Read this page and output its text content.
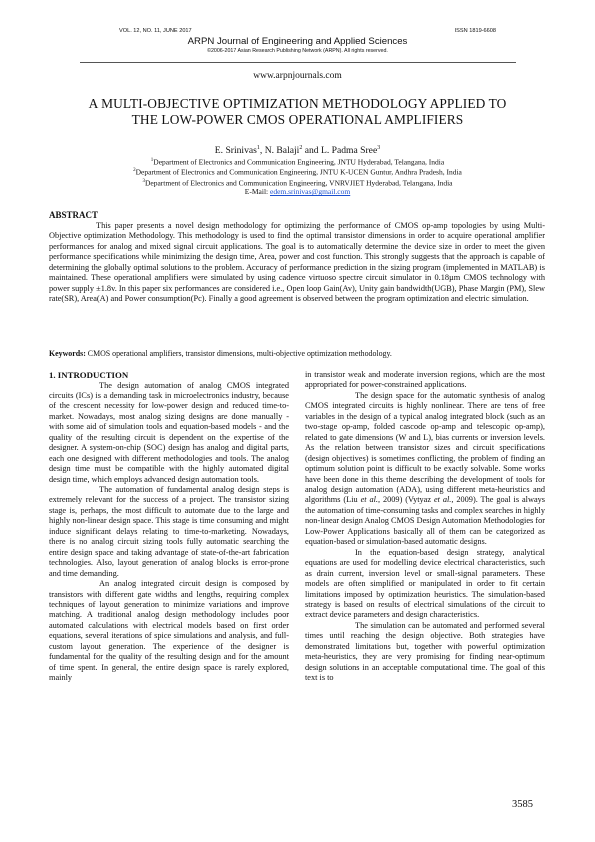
VOL. 12, NO. 11, JUNE 2017	ISSN 1819-6608
ARPN Journal of Engineering and Applied Sciences
©2006-2017 Asian Research Publishing Network (ARPN). All rights reserved.
www.arpnjournals.com
A MULTI-OBJECTIVE OPTIMIZATION METHODOLOGY APPLIED TO
THE LOW-POWER CMOS OPERATIONAL AMPLIFIERS
E. Srinivas$^1$, N. Balaji$^2$ and L. Padma Sree$^3$
$^1$Department of Electronics and Communication Engineering, JNTU Hyderabad, Telangana, India
$^2$Department of Electronics and Communication Engineering, JNTU K-UCEN Guntur, Andhra Pradesh, India
$^3$Department of Electronics and Communication Engineering, VNRVJIET Hyderabad, Telangana, India
E-Mail: edem.srinivas@gmail.com
ABSTRACT

This paper presents a novel design methodology for optimizing the performance of CMOS op-amp topologies by using Multi-Objective optimization Methodology. This methodology is used to find the optimal transistor dimensions in order to acquire operational amplifier performances for analog and mixed signal circuit applications. The goal is to automatically determine the device size in order to meet the given performance specifications while minimizing the design time, Area, power and cost function. This strongly suggests that the approach is capable of determining the globally optimal solutions to the problem. Accuracy of performance prediction in the sizing program (implemented in MATLAB) is maintained. These operational amplifiers were simulated by using cadence virtuoso spectre circuit simulator in 0.18µm CMOS technology with power supply ±1.8v. In this paper six performances are considered i.e., Open loop Gain(Av), Unity gain bandwidth(UGB), Phase Margin (PM), Slew rate(SR), Area(A) and Power consumption(Pc). Finally a good agreement is observed between the program optimization and electric simulation.

Keywords: CMOS operational amplifiers, transistor dimensions, multi-objective optimization methodology.

1. INTRODUCTION

The design automation of analog CMOS integrated circuits (ICs) is a demanding task in microelectronics industry, because of the crescent necessity for low-power design and reduced time-to-market. Nowadays, most analog sizing designs are done manually - with some aid of simulation tools and equation-based models - and the quality of the resulting circuit is dependent on the expertise of the designer. A system-on-chip (SOC) design has analog and digital parts, each one designed with different methodologies and tools. The analog design time must be compatible with the highly automated digital design time, which employs advanced design automation tools.

The automation of fundamental analog design steps is extremely relevant for the success of a project. The transistor sizing stage is, perhaps, the most difficult to automate due to the large and highly non-linear design space. This stage is time consuming and might induce significant delays relating to time-to-marketing. Nowadays, there is no analog circuit sizing tools fully automatic searching the entire design space and taking advantage of state-of-the-art fabrication technologies. Also, layout generation of analog blocks is error-prone and time demanding.

An analog integrated circuit design is composed by transistors with different gate widths and lengths, requiring complex techniques of layout generation to minimize variations and improve matching. A traditional analog design methodology includes poor automated calculations with electrical models based on first order equations, several iterations of spice simulations and analysis, and full-custom layout generation. The experience of the designer is fundamental for the quality of the resulting design and for the amount of time spent. In general, the entire design space is rarely explored, mainly

in transistor weak and moderate inversion regions, which are the most appropriated for power-constrained applications.

The design space for the automatic synthesis of analog CMOS integrated circuits is highly nonlinear. There are tens of free variables in the design of a typical analog integrated block (such as an two-stage op-amp, folded cascode op-amp and telescopic op-amp), related to gate dimensions (W and L), bias currents or inversion levels. As the relation between transistor sizes and circuit specifications (design objectives) is sometimes conflicting, the problem of finding an optimum solution point is difficult to be exactly solvable. Some works have been done in this theme describing the development of tools for analog design automation (ADA), using different meta-heuristics and algorithms (Liu et al., 2009) (Vytyaz et al., 2009). The goal is always the automation of time-consuming tasks and complex searches in highly non-linear design Analog CMOS Design Automation Methodologies for Low-Power Applications basically all of them can be categorized as equation-based or simulation-based automatic designs.

In the equation-based design strategy, analytical equations are used for modelling device electrical characteristics, such as drain current, inversion level or small-signal parameters. These models are often simplified or manipulated in order to fit certain limitations imposed by optimization heuristics. The simulation-based strategy is based on results of electrical simulations of the circuit to extract device parameters and design characteristics.

The simulation can be automated and performed several times until reaching the design objective. Both strategies have demonstrated limitations but, together with powerful optimization meta-heuristics, they are very promising for finding near-optimum design solutions in an acceptable computational time. The goal of this text is to

3585
